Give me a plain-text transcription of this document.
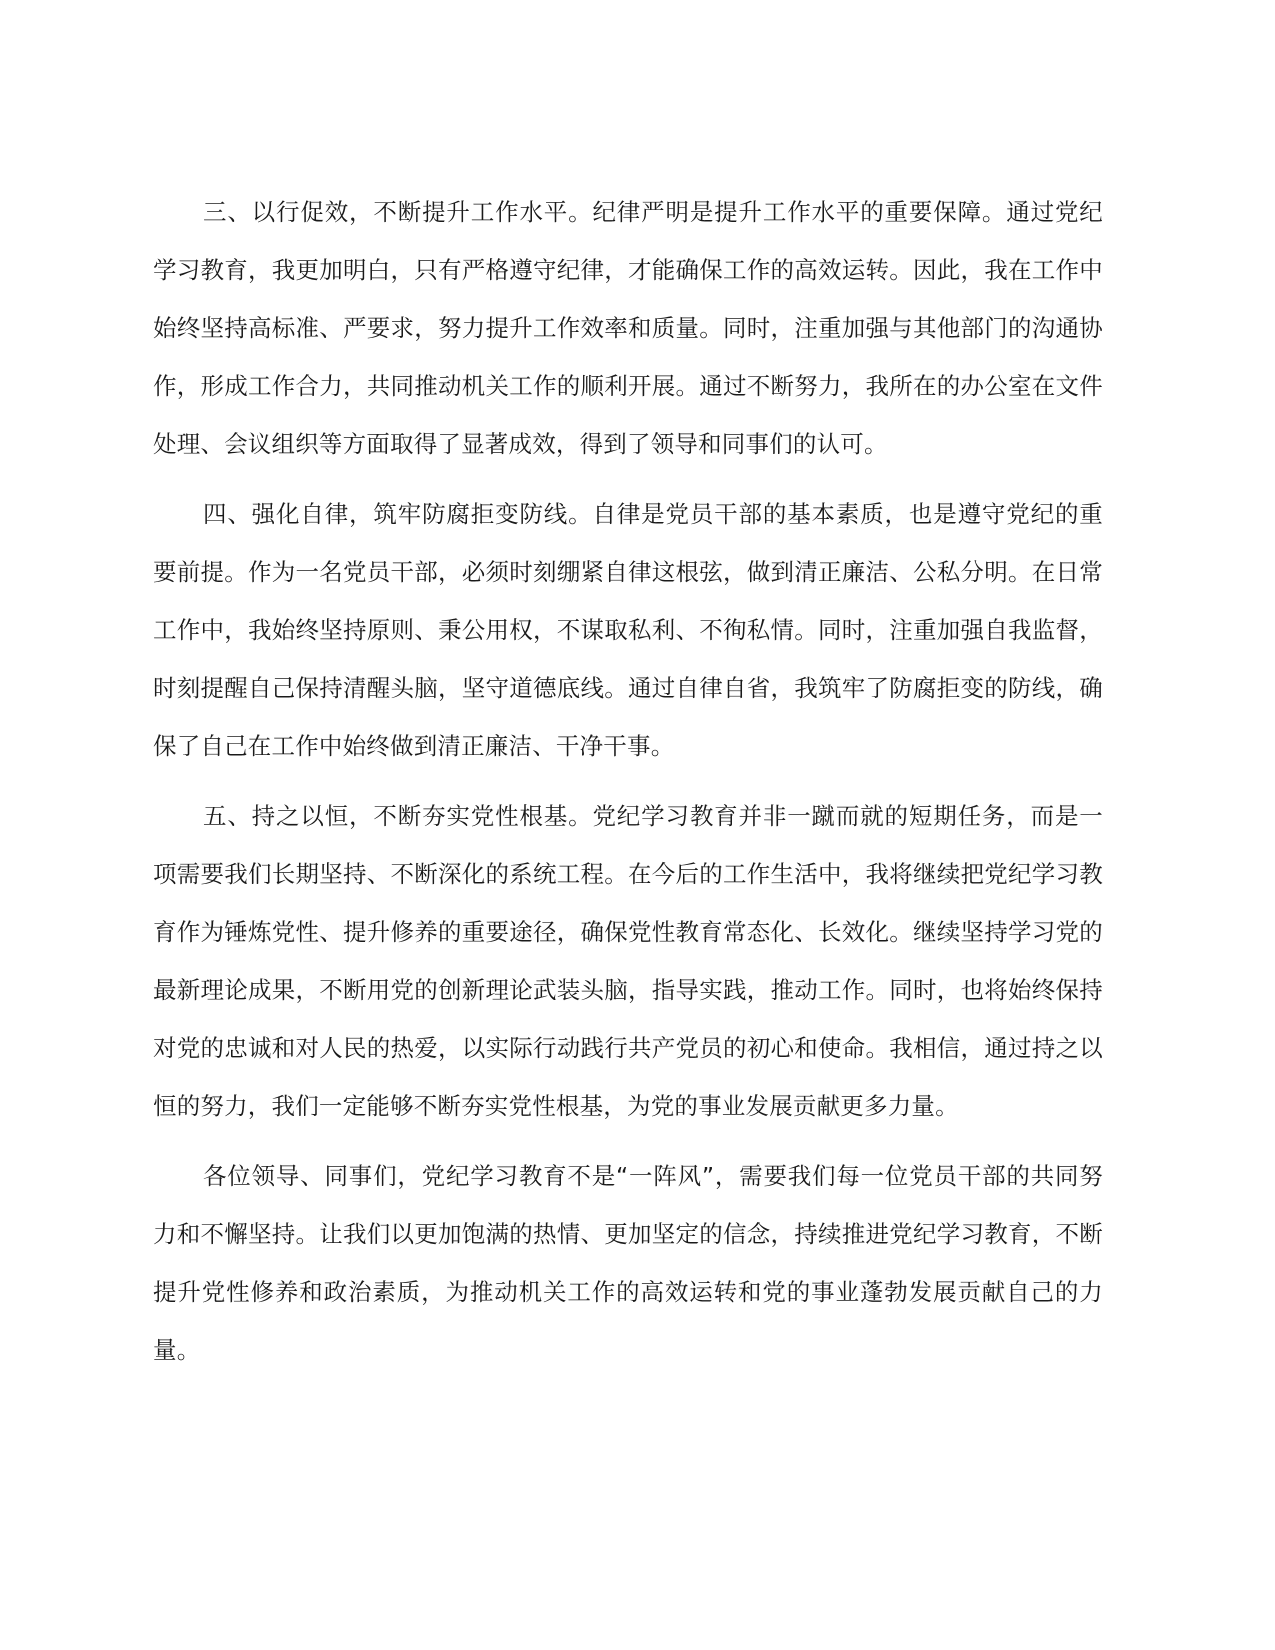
三、以行促效，不断提升工作水平。纪律严明是提升工作水平的重要保障。通过党纪学习教育，我更加明白，只有严格遵守纪律，才能确保工作的高效运转。因此，我在工作中始终坚持高标准、严要求，努力提升工作效率和质量。同时，注重加强与其他部门的沟通协作，形成工作合力，共同推动机关工作的顺利开展。通过不断努力，我所在的办公室在文件处理、会议组织等方面取得了显著成效，得到了领导和同事们的认可。

四、强化自律，筑牢防腐拒变防线。自律是党员干部的基本素质，也是遵守党纪的重要前提。作为一名党员干部，必须时刻绷紧自律这根弦，做到清正廉洁、公私分明。在日常工作中，我始终坚持原则、秉公用权，不谋取私利、不徇私情。同时，注重加强自我监督，时刻提醒自己保持清醒头脑，坚守道德底线。通过自律自省，我筑牢了防腐拒变的防线，确保了自己在工作中始终做到清正廉洁、干净干事。

五、持之以恒，不断夯实党性根基。党纪学习教育并非一蹴而就的短期任务，而是一项需要我们长期坚持、不断深化的系统工程。在今后的工作生活中，我将继续把党纪学习教育作为锤炼党性、提升修养的重要途径，确保党性教育常态化、长效化。继续坚持学习党的最新理论成果，不断用党的创新理论武装头脑，指导实践，推动工作。同时，也将始终保持对党的忠诚和对人民的热爱，以实际行动践行共产党员的初心和使命。我相信，通过持之以恒的努力，我们一定能够不断夯实党性根基，为党的事业发展贡献更多力量。

各位领导、同事们，党纪学习教育不是“一阵风”，需要我们每一位党员干部的共同努力和不懈坚持。让我们以更加饱满的热情、更加坚定的信念，持续推进党纪学习教育，不断提升党性修养和政治素质，为推动机关工作的高效运转和党的事业蓬勃发展贡献自己的力量。
